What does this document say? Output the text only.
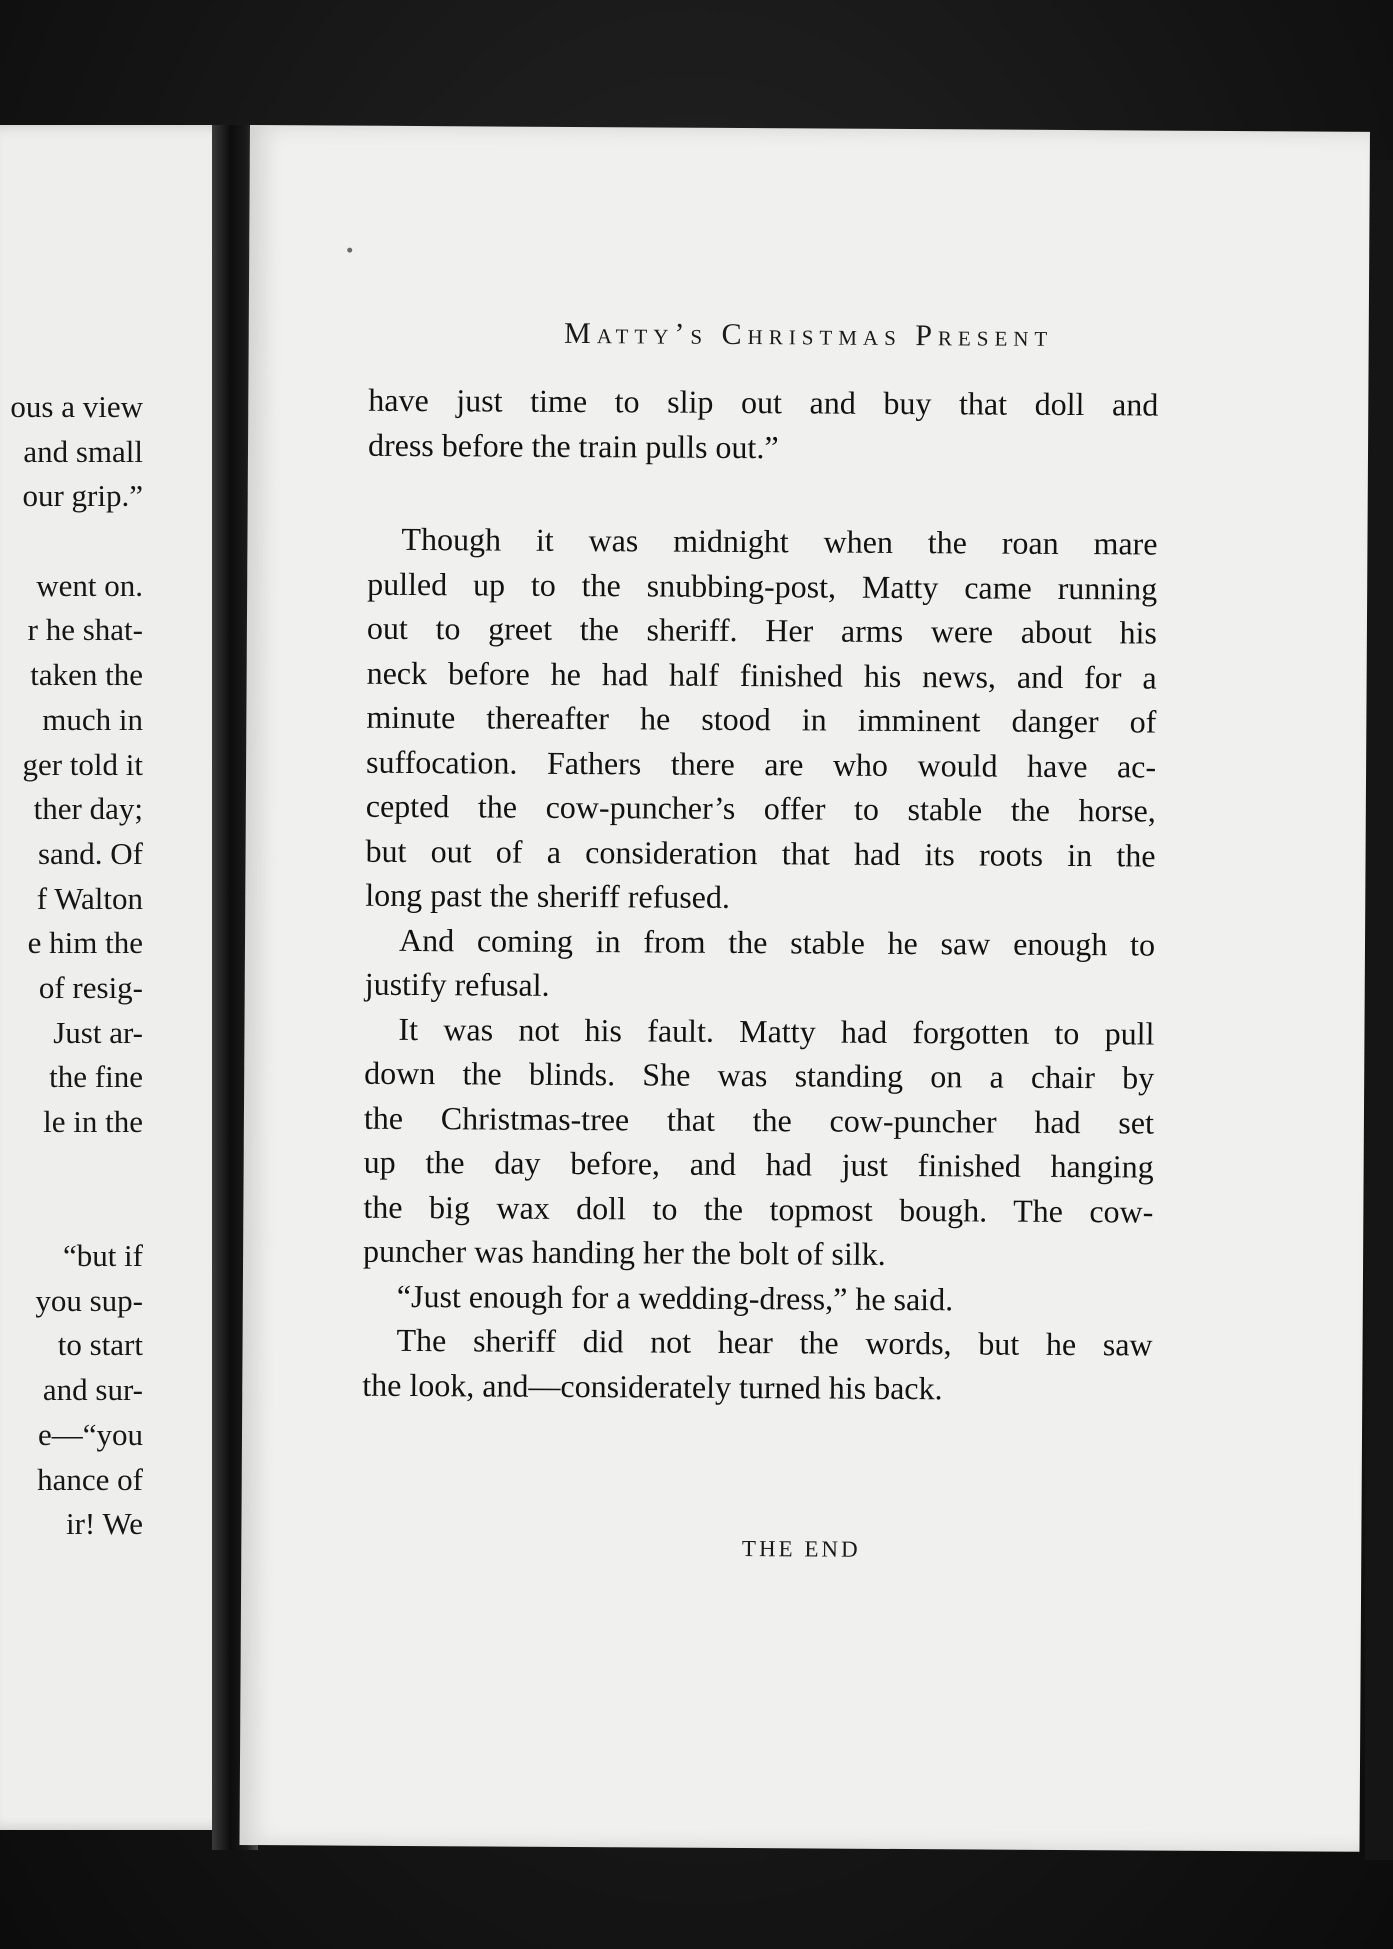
ous a view
and small
our grip.”
went on.
r he shat-
taken the
much in
ger told it
ther day;
sand. Of
f Walton
e him the
of resig-
Just ar-
the fine
le in the
“but if
you sup-
to start
and sur-
e—“you
hance of
ir! We
Matty’s Christmas Present
have just time to slip out and buy that doll and
dress before the train pulls out.”
Though it was midnight when the roan mare
pulled up to the snubbing-post, Matty came running
out to greet the sheriff. Her arms were about his
neck before he had half finished his news, and for a
minute thereafter he stood in imminent danger of
suffocation. Fathers there are who would have ac-
cepted the cow-puncher’s offer to stable the horse,
but out of a consideration that had its roots in the
long past the sheriff refused.
And coming in from the stable he saw enough to
justify refusal.
It was not his fault. Matty had forgotten to pull
down the blinds. She was standing on a chair by
the Christmas-tree that the cow-puncher had set
up the day before, and had just finished hanging
the big wax doll to the topmost bough. The cow-
puncher was handing her the bolt of silk.
“Just enough for a wedding-dress,” he said.
The sheriff did not hear the words, but he saw
the look, and—considerately turned his back.
THE END
